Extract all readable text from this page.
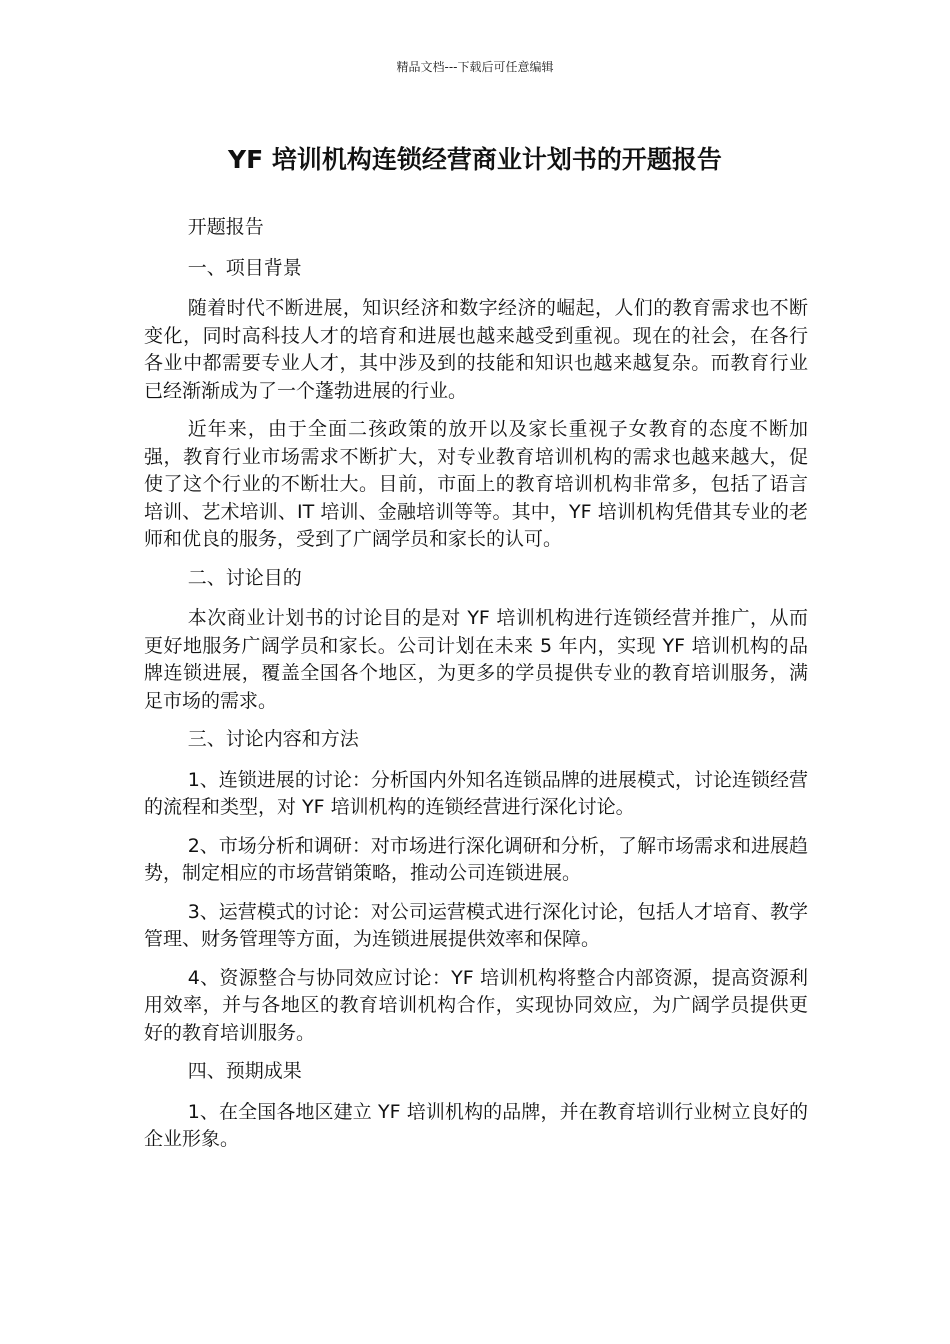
精品文档---下载后可任意编辑
YF 培训机构连锁经营商业计划书的开题报告

开题报告

一、项目背景

随着时代不断进展，知识经济和数字经济的崛起，人们的教育需求也不断变化，同时高科技人才的培育和进展也越来越受到重视。现在的社会，在各行各业中都需要专业人才，其中涉及到的技能和知识也越来越复杂。而教育行业已经渐渐成为了一个蓬勃进展的行业。

近年来，由于全面二孩政策的放开以及家长重视子女教育的态度不断加强，教育行业市场需求不断扩大，对专业教育培训机构的需求也越来越大，促使了这个行业的不断壮大。目前，市面上的教育培训机构非常多，包括了语言培训、艺术培训、IT 培训、金融培训等等。其中，YF 培训机构凭借其专业的老师和优良的服务，受到了广阔学员和家长的认可。

二、讨论目的

本次商业计划书的讨论目的是对 YF 培训机构进行连锁经营并推广，从而更好地服务广阔学员和家长。公司计划在未来 5 年内，实现 YF 培训机构的品牌连锁进展，覆盖全国各个地区，为更多的学员提供专业的教育培训服务，满足市场的需求。

三、讨论内容和方法

1、连锁进展的讨论：分析国内外知名连锁品牌的进展模式，讨论连锁经营的流程和类型，对 YF 培训机构的连锁经营进行深化讨论。

2、市场分析和调研：对市场进行深化调研和分析，了解市场需求和进展趋势，制定相应的市场营销策略，推动公司连锁进展。

3、运营模式的讨论：对公司运营模式进行深化讨论，包括人才培育、教学管理、财务管理等方面，为连锁进展提供效率和保障。

4、资源整合与协同效应讨论：YF 培训机构将整合内部资源，提高资源利用效率，并与各地区的教育培训机构合作，实现协同效应，为广阔学员提供更好的教育培训服务。

四、预期成果

1、在全国各地区建立 YF 培训机构的品牌，并在教育培训行业树立良好的企业形象。
